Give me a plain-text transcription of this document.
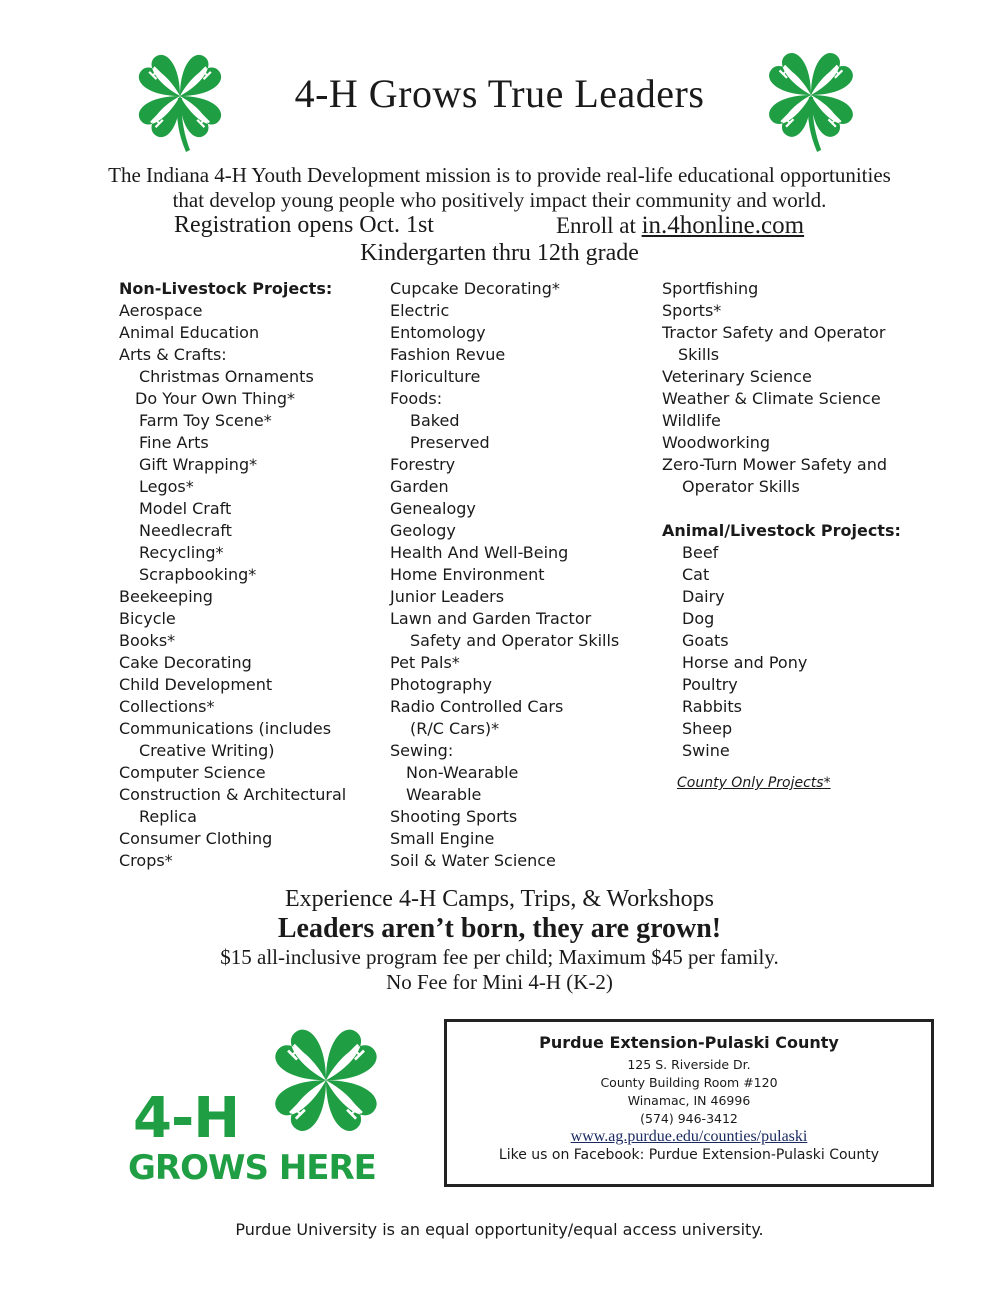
H H
H H
H H
H H
4-H Grows True Leaders
The Indiana 4-H Youth Development mission is to provide real-life educational opportunities
that develop young people who positively impact their community and world.
Registration opens Oct. 1st	Enroll at in.4honline.com
Kindergarten thru 12th grade
Non-Livestock Projects:
Aerospace
Animal Education
Arts & Crafts:
Christmas Ornaments
Do Your Own Thing*
Farm Toy Scene*
Fine Arts
Gift Wrapping*
Legos*
Model Craft
Needlecraft
Recycling*
Scrapbooking*
Beekeeping
Bicycle
Books*
Cake Decorating
Child Development
Collections*
Communications (includes
Creative Writing)
Computer Science
Construction & Architectural
Replica
Consumer Clothing
Crops*
Cupcake Decorating*
Electric
Entomology
Fashion Revue
Floriculture
Foods:
Baked
Preserved
Forestry
Garden
Genealogy
Geology
Health And Well-Being
Home Environment
Junior Leaders
Lawn and Garden Tractor
Safety and Operator Skills
Pet Pals*
Photography
Radio Controlled Cars
(R/C Cars)*
Sewing:
Non-Wearable
Wearable
Shooting Sports
Small Engine
Soil & Water Science
Sportfishing
Sports*
Tractor Safety and Operator
Skills
Veterinary Science
Weather & Climate Science
Wildlife
Woodworking
Zero-Turn Mower Safety and
Operator Skills
Animal/Livestock Projects:
Beef
Cat
Dairy
Dog
Goats
Horse and Pony
Poultry
Rabbits
Sheep
Swine
County Only Projects*
Experience 4-H Camps, Trips, & Workshops
Leaders aren’t born, they are grown!
$15 all-inclusive program fee per child; Maximum $45 per family.
No Fee for Mini 4-H (K-2)
H H
H H
4-H
GROWS HERE
Purdue Extension-Pulaski County
125 S. Riverside Dr.
County Building Room #120
Winamac, IN 46996
(574) 946-3412
www.ag.purdue.edu/counties/pulaski
Like us on Facebook: Purdue Extension-Pulaski County
Purdue University is an equal opportunity/equal access university.
